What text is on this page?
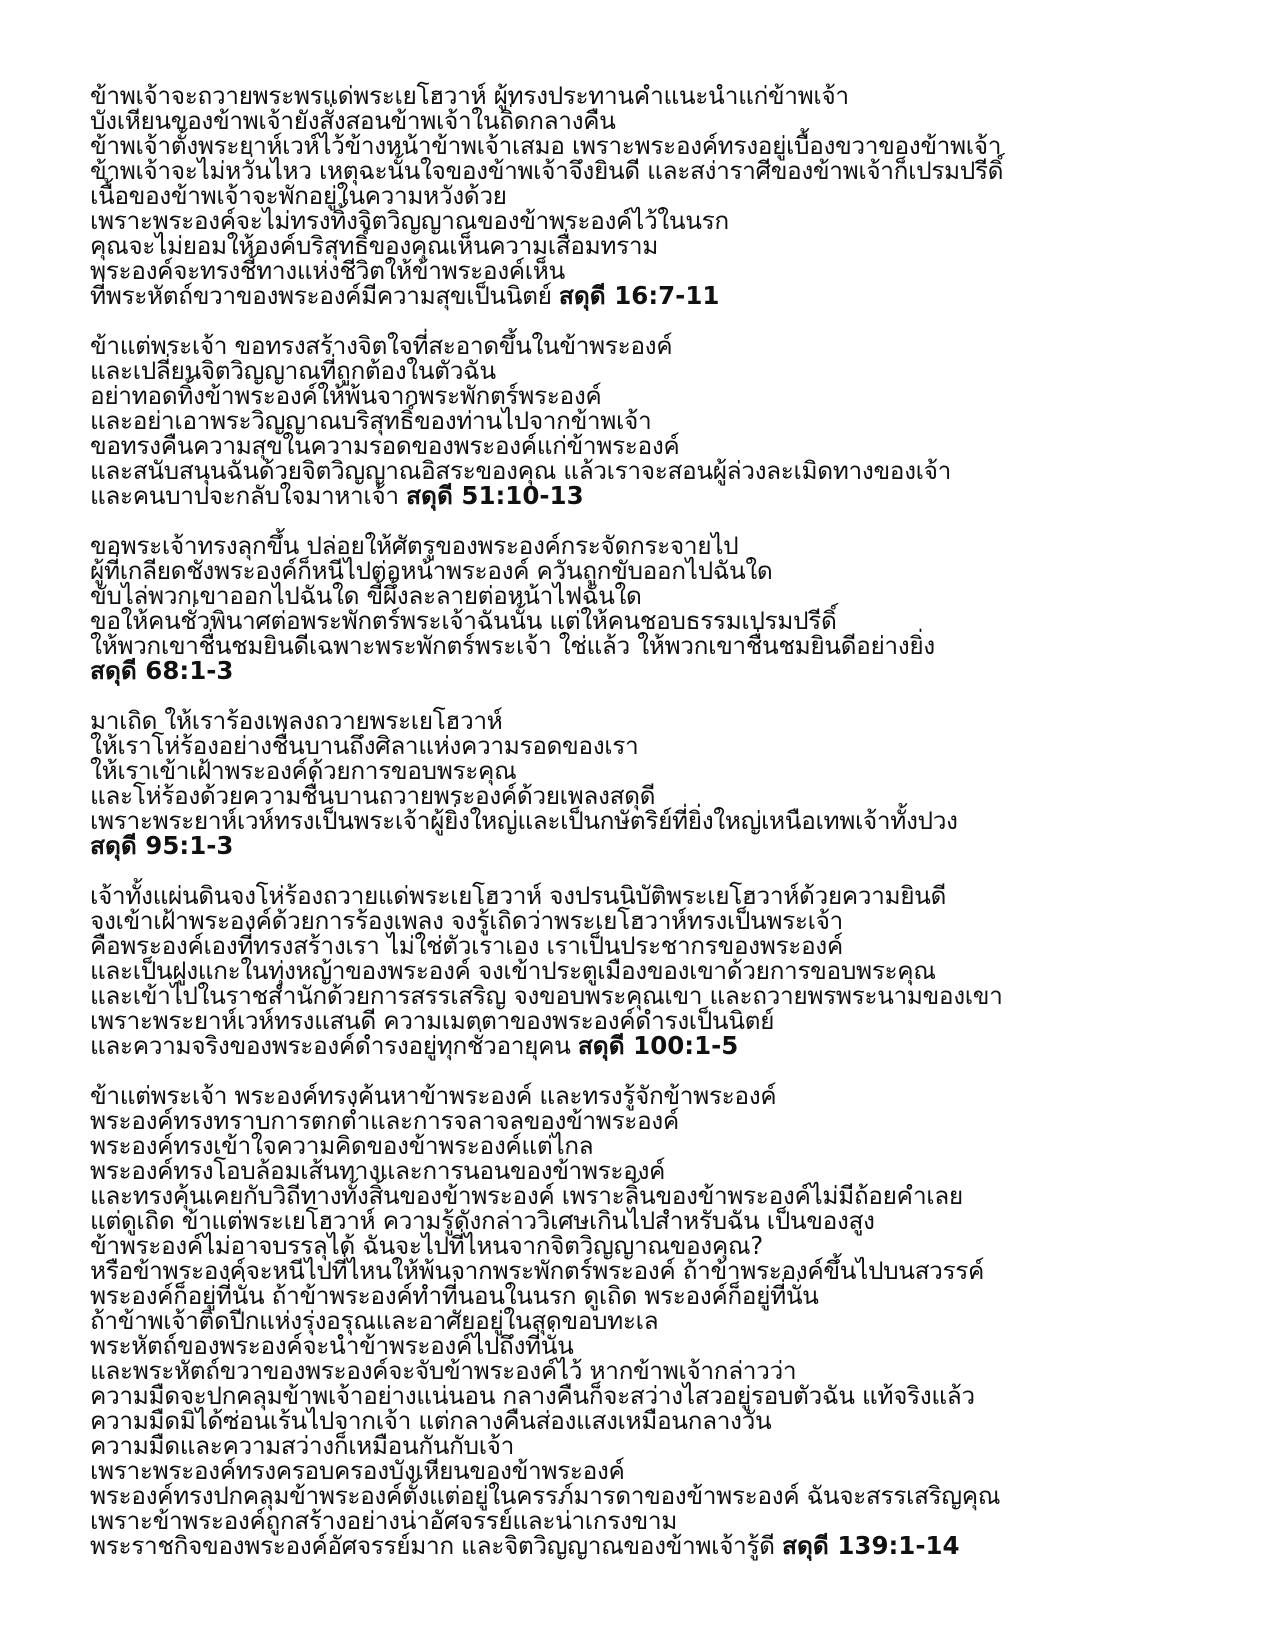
ข้าพเจ้าจะถวายพระพรแด่พระเยโฮวาห์ ผู้ทรงประทานคำแนะนำแก่ข้าพเจ้า
บังเหียนของข้าพเจ้ายังสั่งสอนข้าพเจ้าในถิ่ดกลางคืน
ข้าพเจ้าตั้งพระยาห์เวห์ไว้ข้างหน้าข้าพเจ้าเสมอ เพราะพระองค์ทรงอยู่เบื้องขวาของข้าพเจ้า
ข้าพเจ้าจะไม่หวั่นไหว เหตุฉะนั้นใจของข้าพเจ้าจึงยินดี และสง่าราศีของข้าพเจ้าก็เปรมปรีดิ์
เนื้อของข้าพเจ้าจะพักอยู่ในความหวังด้วย
เพราะพระองค์จะไม่ทรงทิ้งจิตวิญญาณของข้าพระองค์ไว้ในนรก
คุณจะไม่ยอมให้องค์บริสุทธิ์ของคุณเห็นความเสื่อมทราม
พระองค์จะทรงชี้ทางแห่งชีวิตให้ข้าพระองค์เห็น
ที่พระหัตถ์ขวาของพระองค์มีความสุขเป็นนิตย์ สดุดี 16:7-11
ข้าแต่พระเจ้า ขอทรงสร้างจิตใจที่สะอาดขึ้นในข้าพระองค์
และเปลี่ยนจิตวิญญาณที่ถูกต้องในตัวฉัน
อย่าทอดทิ้งข้าพระองค์ให้พ้นจากพระพักตร์พระองค์
และอย่าเอาพระวิญญาณบริสุทธิ์ของท่านไปจากข้าพเจ้า
ขอทรงคืนความสุขในความรอดของพระองค์แก่ข้าพระองค์
และสนับสนุนฉันด้วยจิตวิญญาณอิสระของคุณ แล้วเราจะสอนผู้ล่วงละเมิดทางของเจ้า
และคนบาปจะกลับใจมาหาเจ้า สดุดี 51:10-13
ขอพระเจ้าทรงลุกขึ้น ปล่อยให้ศัตรูของพระองค์กระจัดกระจายไป
ผู้ที่เกลียดชังพระองค์ก็หนีไปต่อหน้าพระองค์ ควันถูกขับออกไปฉันใด
ขับไล่พวกเขาออกไปฉันใด ขี้ผึ้งละลายต่อหน้าไฟฉันใด
ขอให้คนชั่วพินาศต่อพระพักตร์พระเจ้าฉันนั้น แต่ให้คนชอบธรรมเปรมปรีดิ์
ให้พวกเขาชื่นชมยินดีเฉพาะพระพักตร์พระเจ้า ใช่แล้ว ให้พวกเขาชื่นชมยินดีอย่างยิ่ง
สดุดี 68:1-3
มาเถิด ให้เราร้องเพลงถวายพระเยโฮวาห์
ให้เราโห่ร้องอย่างชื่นบานถึงศิลาแห่งความรอดของเรา
ให้เราเข้าเฝ้าพระองค์ด้วยการขอบพระคุณ
และโห่ร้องด้วยความชื่นบานถวายพระองค์ด้วยเพลงสดุดี
เพราะพระยาห์เวห์ทรงเป็นพระเจ้าผู้ยิ่งใหญ่และเป็นกษัตริย์ที่ยิ่งใหญ่เหนือเทพเจ้าทั้งปวง
สดุดี 95:1-3
เจ้าทั้งแผ่นดินจงโห่ร้องถวายแด่พระเยโฮวาห์ จงปรนนิบัติพระเยโฮวาห์ด้วยความยินดี
จงเข้าเฝ้าพระองค์ด้วยการร้องเพลง จงรู้เถิดว่าพระเยโฮวาห์ทรงเป็นพระเจ้า
คือพระองค์เองที่ทรงสร้างเรา ไม่ใช่ตัวเราเอง เราเป็นประชากรของพระองค์
และเป็นฝูงแกะในทุ่งหญ้าของพระองค์ จงเข้าประตูเมืองของเขาด้วยการขอบพระคุณ
และเข้าไปในราชสำนักด้วยการสรรเสริญ จงขอบพระคุณเขา และถวายพรพระนามของเขา
เพราะพระยาห์เวห์ทรงแสนดี ความเมตตาของพระองค์ดำรงเป็นนิตย์
และความจริงของพระองค์ดำรงอยู่ทุกชั่วอายุคน สดุดี 100:1-5
ข้าแต่พระเจ้า พระองค์ทรงค้นหาข้าพระองค์ และทรงรู้จักข้าพระองค์
พระองค์ทรงทราบการตกต่ำและการจลาจลของข้าพระองค์
พระองค์ทรงเข้าใจความคิดของข้าพระองค์แต่ไกล
พระองค์ทรงโอบล้อมเส้นทางและการนอนของข้าพระองค์
และทรงคุ้นเคยกับวิถีทางทั้งสิ้นของข้าพระองค์ เพราะลิ้นของข้าพระองค์ไม่มีถ้อยคำเลย
แต่ดูเถิด ข้าแต่พระเยโฮวาห์ ความรู้ดังกล่าววิเศษเกินไปสำหรับฉัน เป็นของสูง
ข้าพระองค์ไม่อาจบรรลุได้ ฉันจะไปที่ไหนจากจิตวิญญาณของคุณ?
หรือข้าพระองค์จะหนีไปที่ไหนให้พ้นจากพระพักตร์พระองค์ ถ้าข้าพระองค์ขึ้นไปบนสวรรค์
พระองค์ก็อยู่ที่นั่น ถ้าข้าพระองค์ทำที่นอนในนรก ดูเถิด พระองค์ก็อยู่ที่นั่น
ถ้าข้าพเจ้าติดปีกแห่งรุ่งอรุณและอาศัยอยู่ในสุดขอบทะเล
พระหัตถ์ของพระองค์จะนำข้าพระองค์ไปถึงที่นั่น
และพระหัตถ์ขวาของพระองค์จะจับข้าพระองค์ไว้ หากข้าพเจ้ากล่าวว่า
ความมืดจะปกคลุมข้าพเจ้าอย่างแน่นอน กลางคืนก็จะสว่างไสวอยู่รอบตัวฉัน แท้จริงแล้ว
ความมืดมิได้ซ่อนเร้นไปจากเจ้า แต่กลางคืนส่องแสงเหมือนกลางวัน
ความมืดและความสว่างก็เหมือนกันกับเจ้า
เพราะพระองค์ทรงครอบครองบังเหียนของข้าพระองค์
พระองค์ทรงปกคลุมข้าพระองค์ตั้งแต่อยู่ในครรภ์มารดาของข้าพระองค์ ฉันจะสรรเสริญคุณ
เพราะข้าพระองค์ถูกสร้างอย่างน่าอัศจรรย์และน่าเกรงขาม
พระราชกิจของพระองค์อัศจรรย์มาก และจิตวิญญาณของข้าพเจ้ารู้ดี สดุดี 139:1-14
